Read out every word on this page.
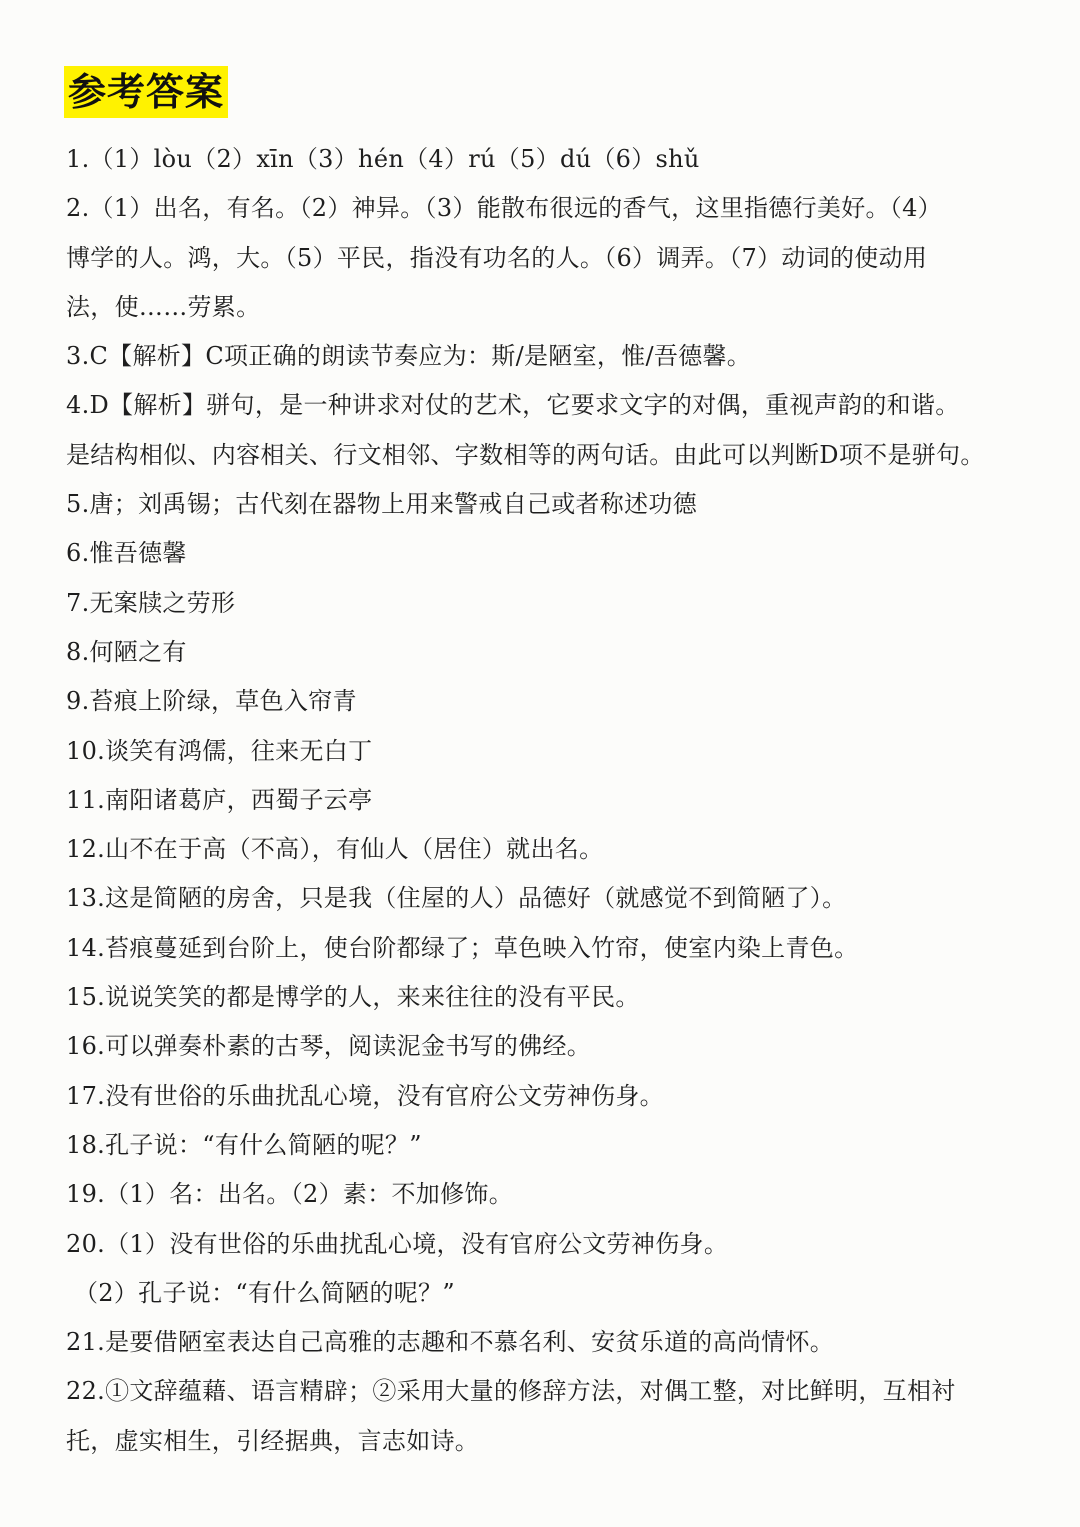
参考答案
1.（1）lòu（2）xīn（3）hén（4）rú（5）dú（6）shǔ
2.（1）出名，有名。（2）神异。（3）能散布很远的香气，这里指德行美好。（4）
博学的人。鸿，大。（5）平民，指没有功名的人。（6）调弄。（7）动词的使动用
法，使……劳累。
3.C【解析】C项正确的朗读节奏应为：斯/是陋室，惟/吾德馨。
4.D【解析】骈句，是一种讲求对仗的艺术，它要求文字的对偶，重视声韵的和谐。
是结构相似、内容相关、行文相邻、字数相等的两句话。由此可以判断D项不是骈句。
5.唐；刘禹锡；古代刻在器物上用来警戒自己或者称述功德
6.惟吾德馨
7.无案牍之劳形
8.何陋之有
9.苔痕上阶绿，草色入帘青
10.谈笑有鸿儒，往来无白丁
11.南阳诸葛庐，西蜀子云亭
12.山不在于高（不高），有仙人（居住）就出名。
13.这是简陋的房舍，只是我（住屋的人）品德好（就感觉不到简陋了）。
14.苔痕蔓延到台阶上，使台阶都绿了；草色映入竹帘，使室内染上青色。
15.说说笑笑的都是博学的人，来来往往的没有平民。
16.可以弹奏朴素的古琴，阅读泥金书写的佛经。
17.没有世俗的乐曲扰乱心境，没有官府公文劳神伤身。
18.孔子说：“有什么简陋的呢？”
19.（1）名：出名。（2）素：不加修饰。
20.（1）没有世俗的乐曲扰乱心境，没有官府公文劳神伤身。
（2）孔子说：“有什么简陋的呢？”
21.是要借陋室表达自己高雅的志趣和不慕名利、安贫乐道的高尚情怀。
22.①文辞蕴藉、语言精辟；②采用大量的修辞方法，对偶工整，对比鲜明，互相衬
托，虚实相生，引经据典，言志如诗。
